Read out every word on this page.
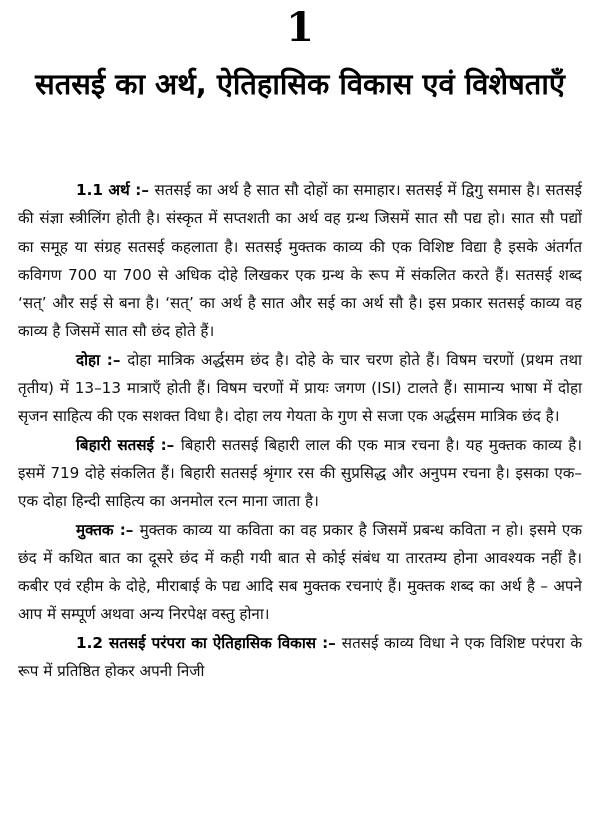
1
सतसई का अर्थ, ऐतिहासिक विकास एवं विशेषताएँ

1.1 अर्थ :– सतसई का अर्थ है सात सौ दोहों का समाहार। सतसई में द्विगु समास है। सतसई की संज्ञा स्त्रीलिंग होती है। संस्कृत में सप्तशती का अर्थ वह ग्रन्थ जिसमें सात सौ पद्य हो। सात सौ पद्यों का समूह या संग्रह सतसई कहलाता है। सतसई मुक्तक काव्य की एक विशिष्ट विद्या है इसके अंतर्गत कविगण 700 या 700 से अधिक दोहे लिखकर एक ग्रन्थ के रूप में संकलित करते हैं। सतसई शब्द ‘सत्’ और सई से बना है। ‘सत्’ का अर्थ है सात और सई का अर्थ सौ है। इस प्रकार सतसई काव्य वह काव्य है जिसमें सात सौ छंद होते हैं।

दोहा :– दोहा मात्रिक अर्द्धसम छंद है। दोहे के चार चरण होते हैं। विषम चरणों (प्रथम तथा तृतीय) में 13–13 मात्राएँ होती हैं। विषम चरणों में प्रायः जगण (ISI) टालते हैं। सामान्य भाषा में दोहा सृजन साहित्य की एक सशक्त विधा है। दोहा लय गेयता के गुण से सजा एक अर्द्धसम मात्रिक छंद है।

बिहारी सतसई :– बिहारी सतसई बिहारी लाल की एक मात्र रचना है। यह मुक्तक काव्य है। इसमें 719 दोहे संकलित हैं। बिहारी सतसई श्रृंगार रस की सुप्रसिद्ध और अनुपम रचना है। इसका एक–एक दोहा हिन्दी साहित्य का अनमोल रत्न माना जाता है।

मुक्तक :– मुक्तक काव्य या कविता का वह प्रकार है जिसमें प्रबन्ध कविता न हो। इसमे एक छंद में कथित बात का दूसरे छंद में कही गयी बात से कोई संबंध या तारतम्य होना आवश्यक नहीं है। कबीर एवं रहीम के दोहे, मीराबाई के पद्य आदि सब मुक्तक रचनाएं हैं। मुक्तक शब्द का अर्थ है – अपने आप में सम्पूर्ण अथवा अन्य निरपेक्ष वस्तु होना।

1.2 सतसई परंपरा का ऐतिहासिक विकास :– सतसई काव्य विधा ने एक विशिष्ट परंपरा के रूप में प्रतिष्ठित होकर अपनी निजी
